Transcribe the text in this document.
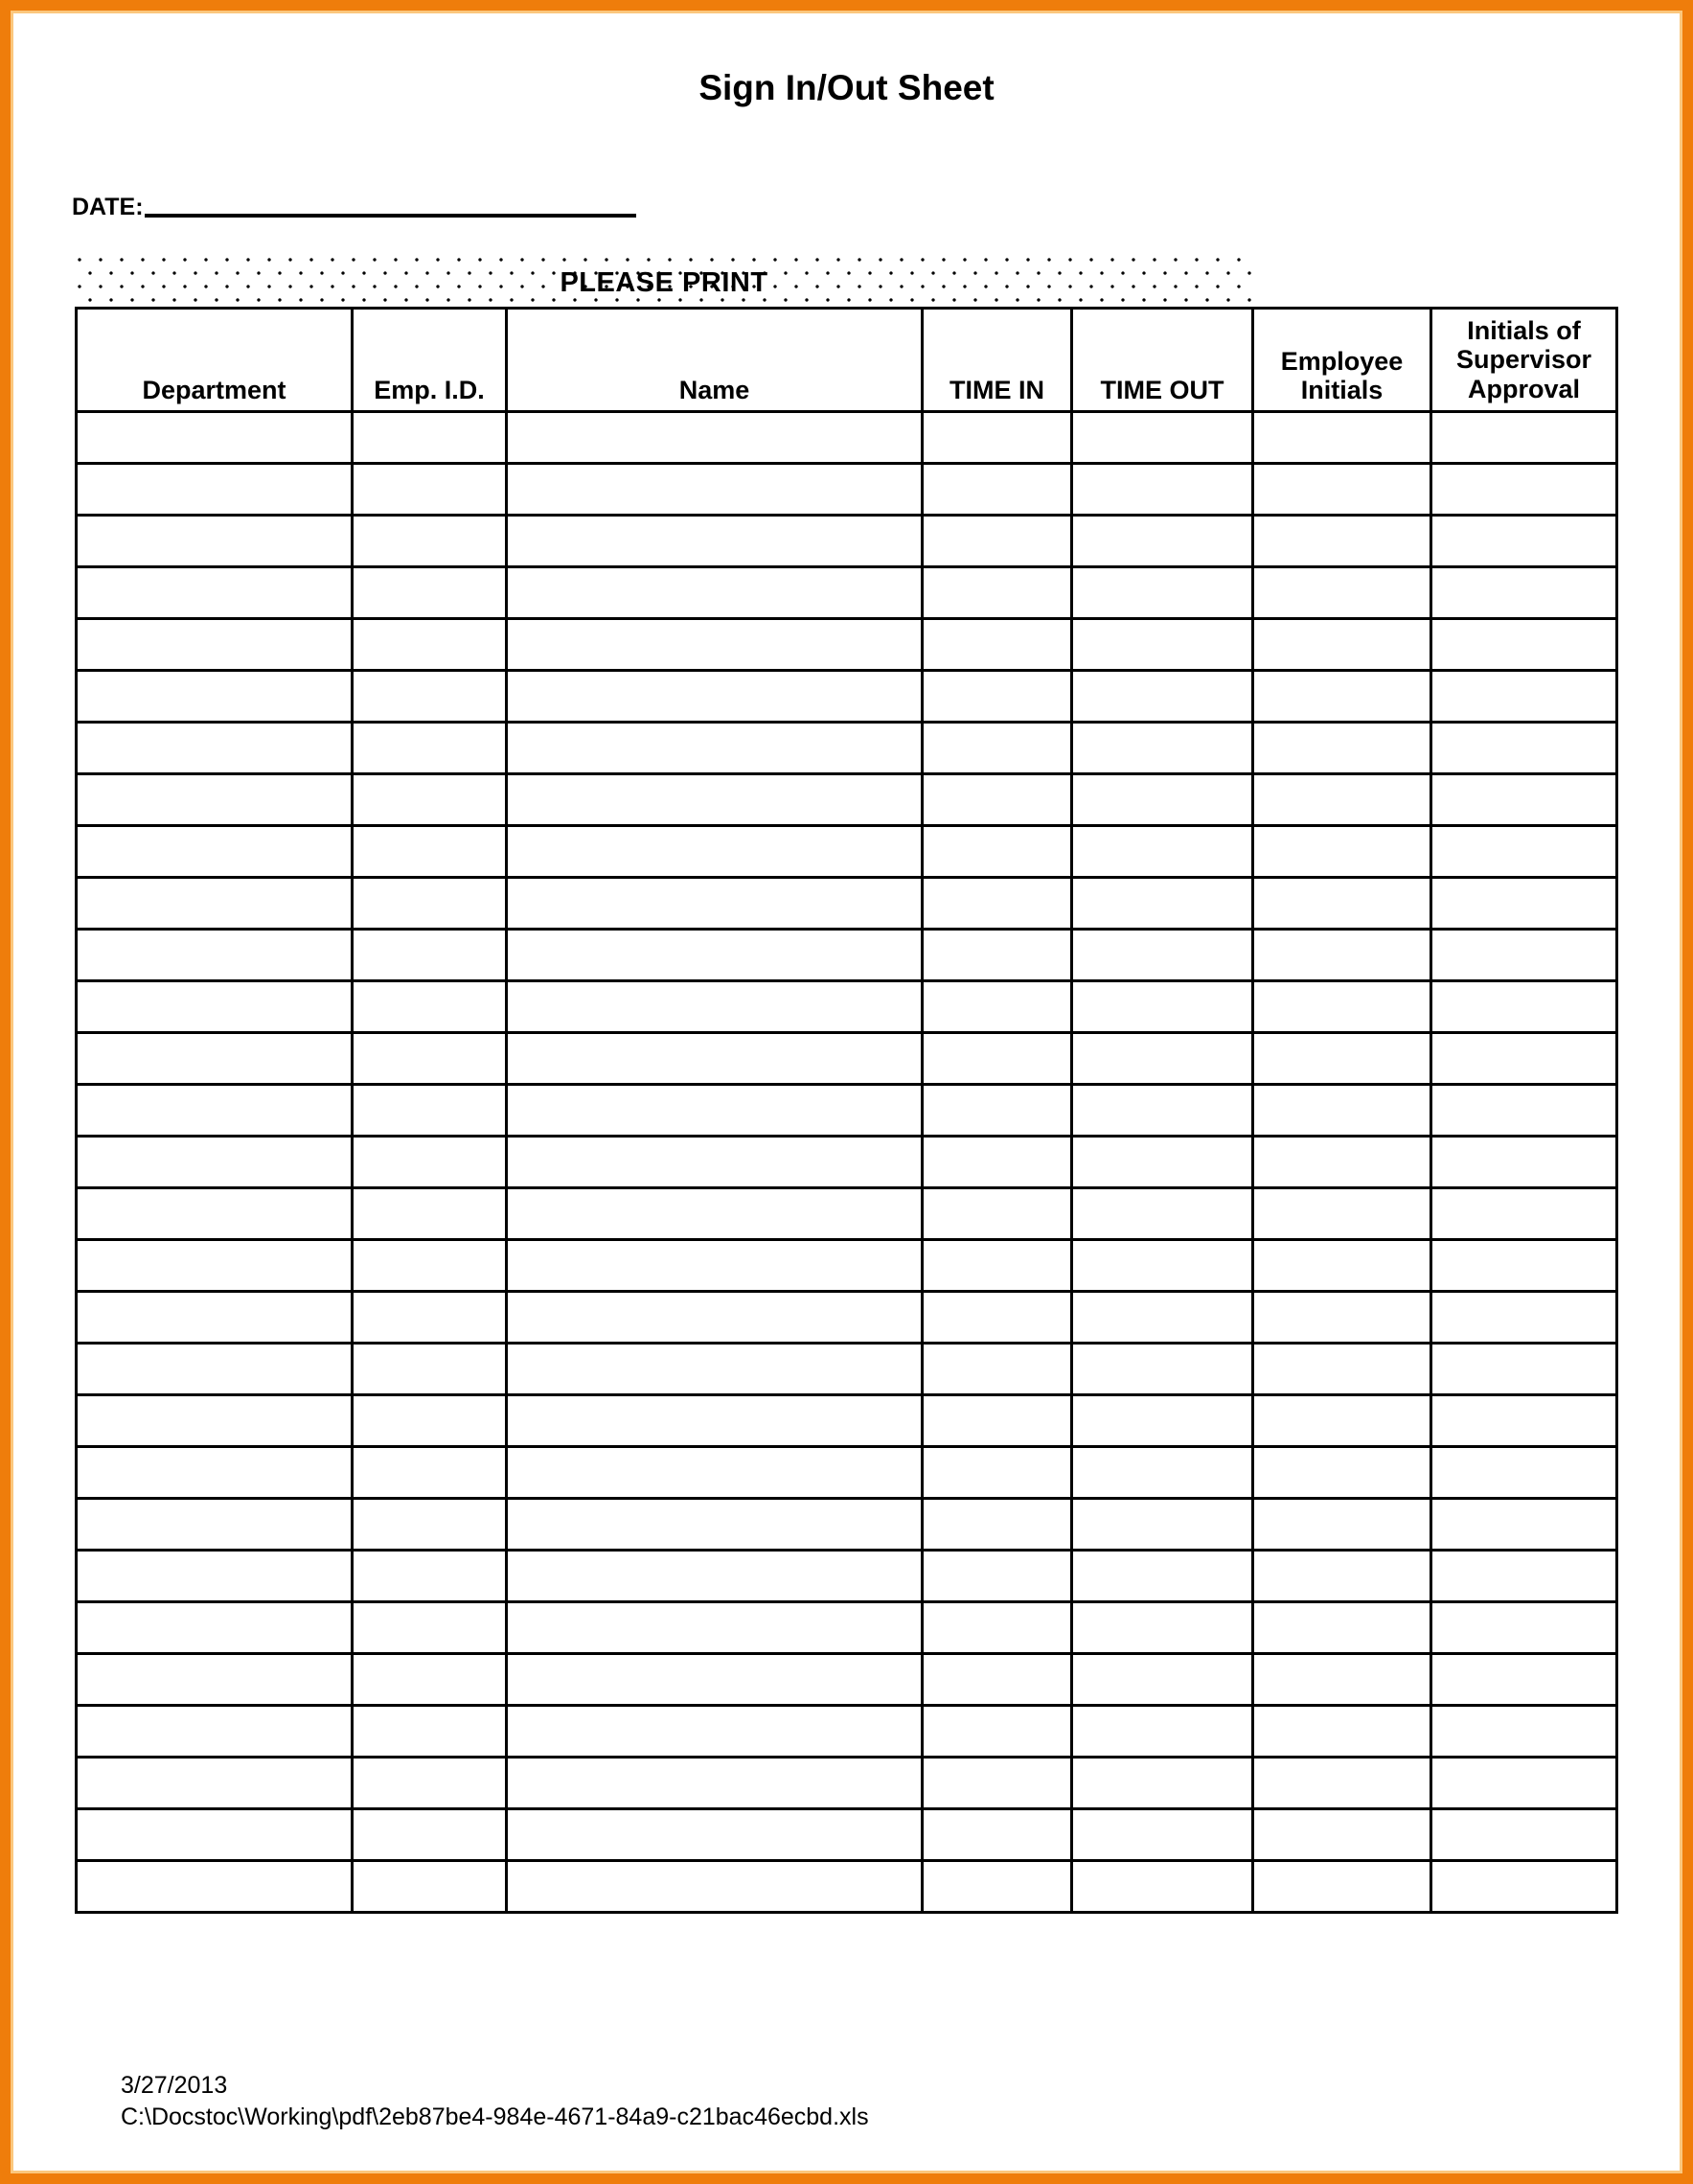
Sign In/Out Sheet
DATE:
PLEASE PRINT
Department	Emp. I.D.	Name	TIME IN	TIME OUT	Employee Initials	Initials of Supervisor Approval

3/27/2013
C:\Docstoc\Working\pdf\2eb87be4-984e-4671-84a9-c21bac46ecbd.xls
